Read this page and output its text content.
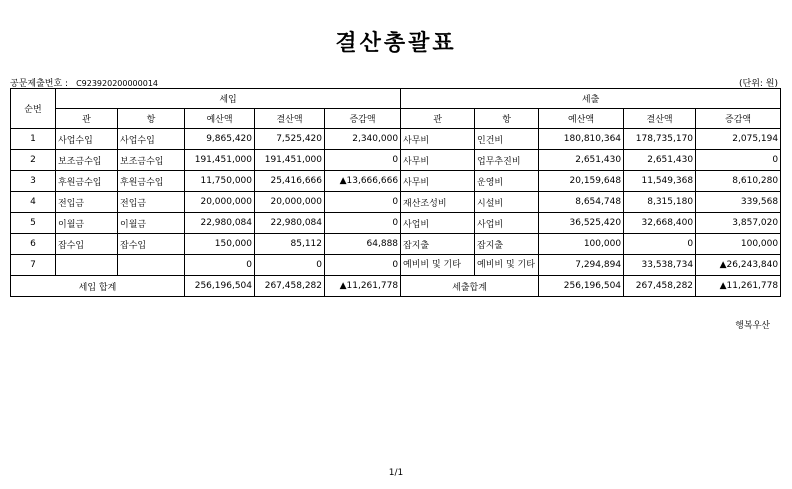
결산총괄표
공문제출번호 : C923920200000014	(단위: 원)
순번	세입					세출				
	관	항	예산액	결산액	증감액	관	항	예산액	결산액	증감액
1	사업수입	사업수입	9,865,420	7,525,420	2,340,000	사무비	인건비	180,810,364	178,735,170	2,075,194
2	보조금수입	보조금수입	191,451,000	191,451,000	0	사무비	업무추진비	2,651,430	2,651,430	0
3	후원금수입	후원금수입	11,750,000	25,416,666	▲13,666,666	사무비	운영비	20,159,648	11,549,368	8,610,280
4	전입금	전입금	20,000,000	20,000,000	0	재산조성비	시설비	8,654,748	8,315,180	339,568
5	이월금	이월금	22,980,084	22,980,084	0	사업비	사업비	36,525,420	32,668,400	3,857,020
6	잡수입	잡수입	150,000	85,112	64,888	잡지출	잡지출	100,000	0	100,000
7			0	0	0	예비비 및 기타	예비비 및 기타	7,294,894	33,538,734	▲26,243,840
세입 합계			256,196,504	267,458,282	▲11,261,778	세출합계		256,196,504	267,458,282	▲11,261,778
행복우산
1/1
